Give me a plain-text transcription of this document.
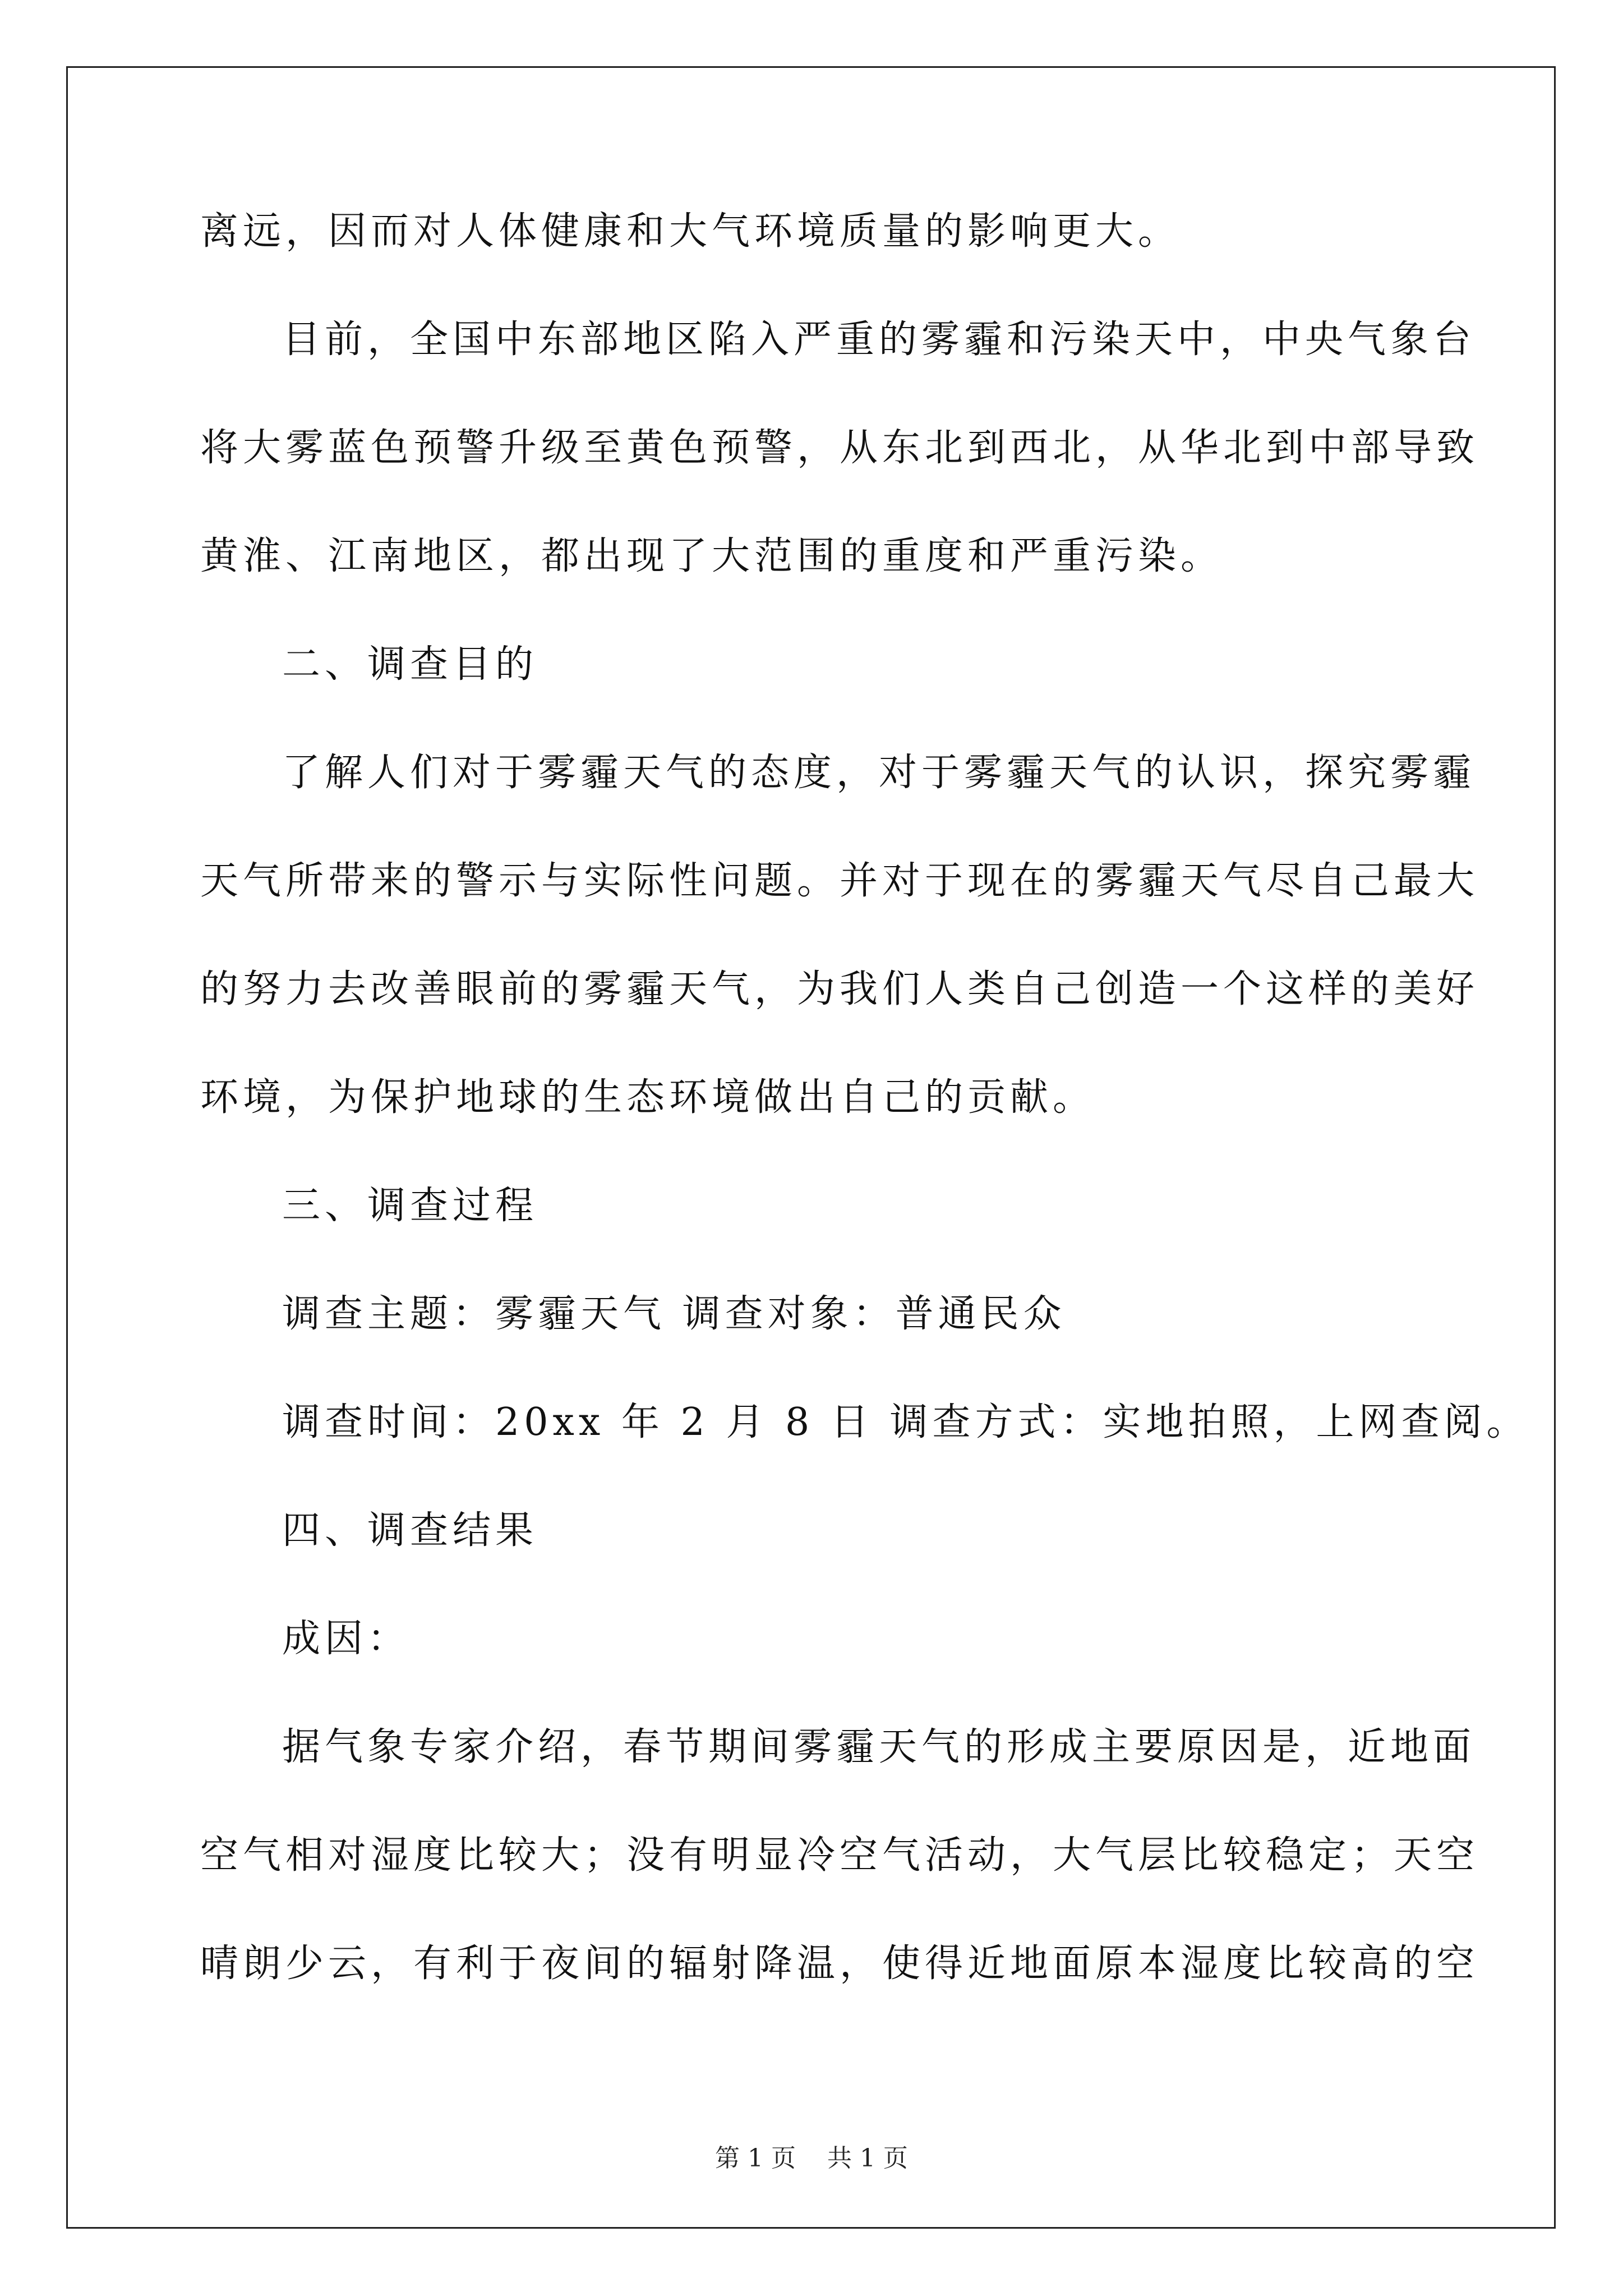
离远，因而对人体健康和大气环境质量的影响更大。
目前，全国中东部地区陷入严重的雾霾和污染天中，中央气象台
将大雾蓝色预警升级至黄色预警，从东北到西北，从华北到中部导致
黄淮、江南地区，都出现了大范围的重度和严重污染。
二、调查目的
了解人们对于雾霾天气的态度，对于雾霾天气的认识，探究雾霾
天气所带来的警示与实际性问题。并对于现在的雾霾天气尽自己最大
的努力去改善眼前的雾霾天气，为我们人类自己创造一个这样的美好
环境，为保护地球的生态环境做出自己的贡献。
三、调查过程
调查主题：雾霾天气 调查对象：普通民众
调查时间：20xx 年 2 月 8 日 调查方式：实地拍照，上网查阅。
四、调查结果
成因：
据气象专家介绍，春节期间雾霾天气的形成主要原因是，近地面
空气相对湿度比较大；没有明显冷空气活动，大气层比较稳定；天空
晴朗少云，有利于夜间的辐射降温，使得近地面原本湿度比较高的空
第 1 页    共 1 页
